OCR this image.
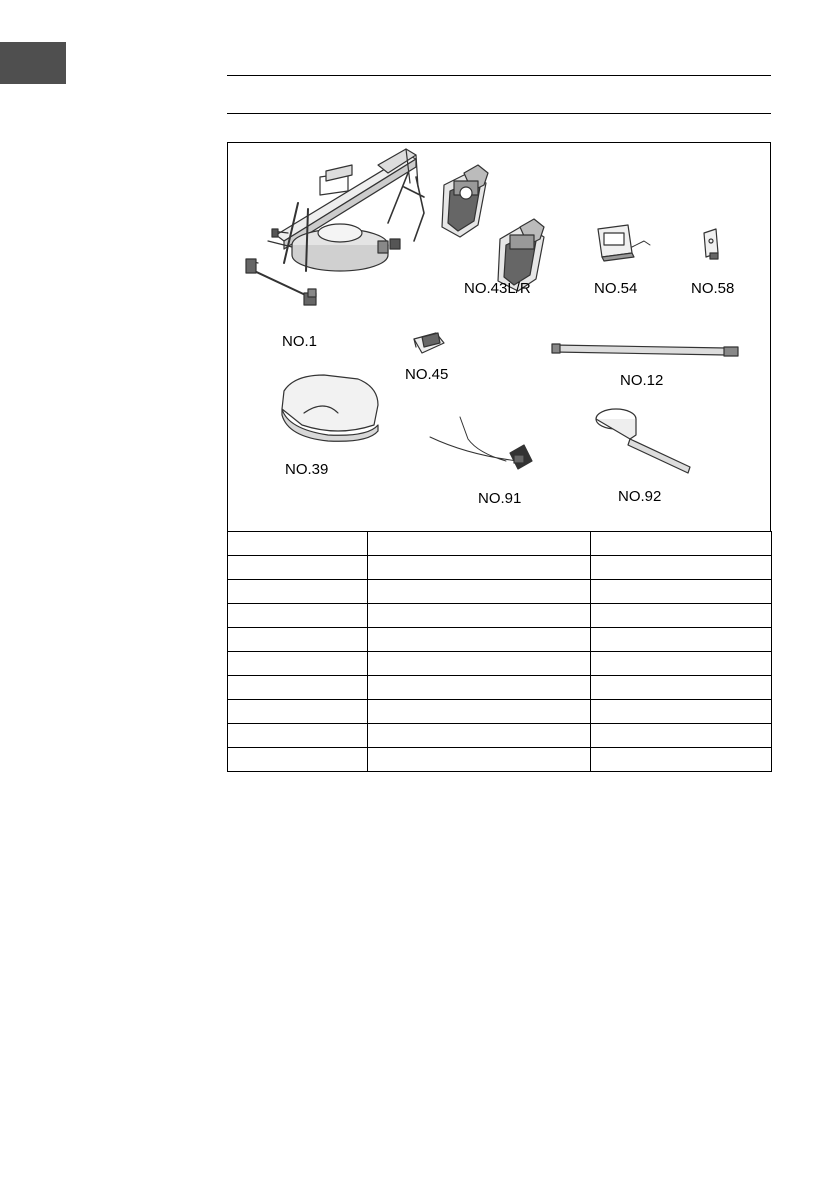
NO.43L/R	NO.54	NO.58
NO.1
NO.45	NO.12
NO.39
NO.91	NO.92
